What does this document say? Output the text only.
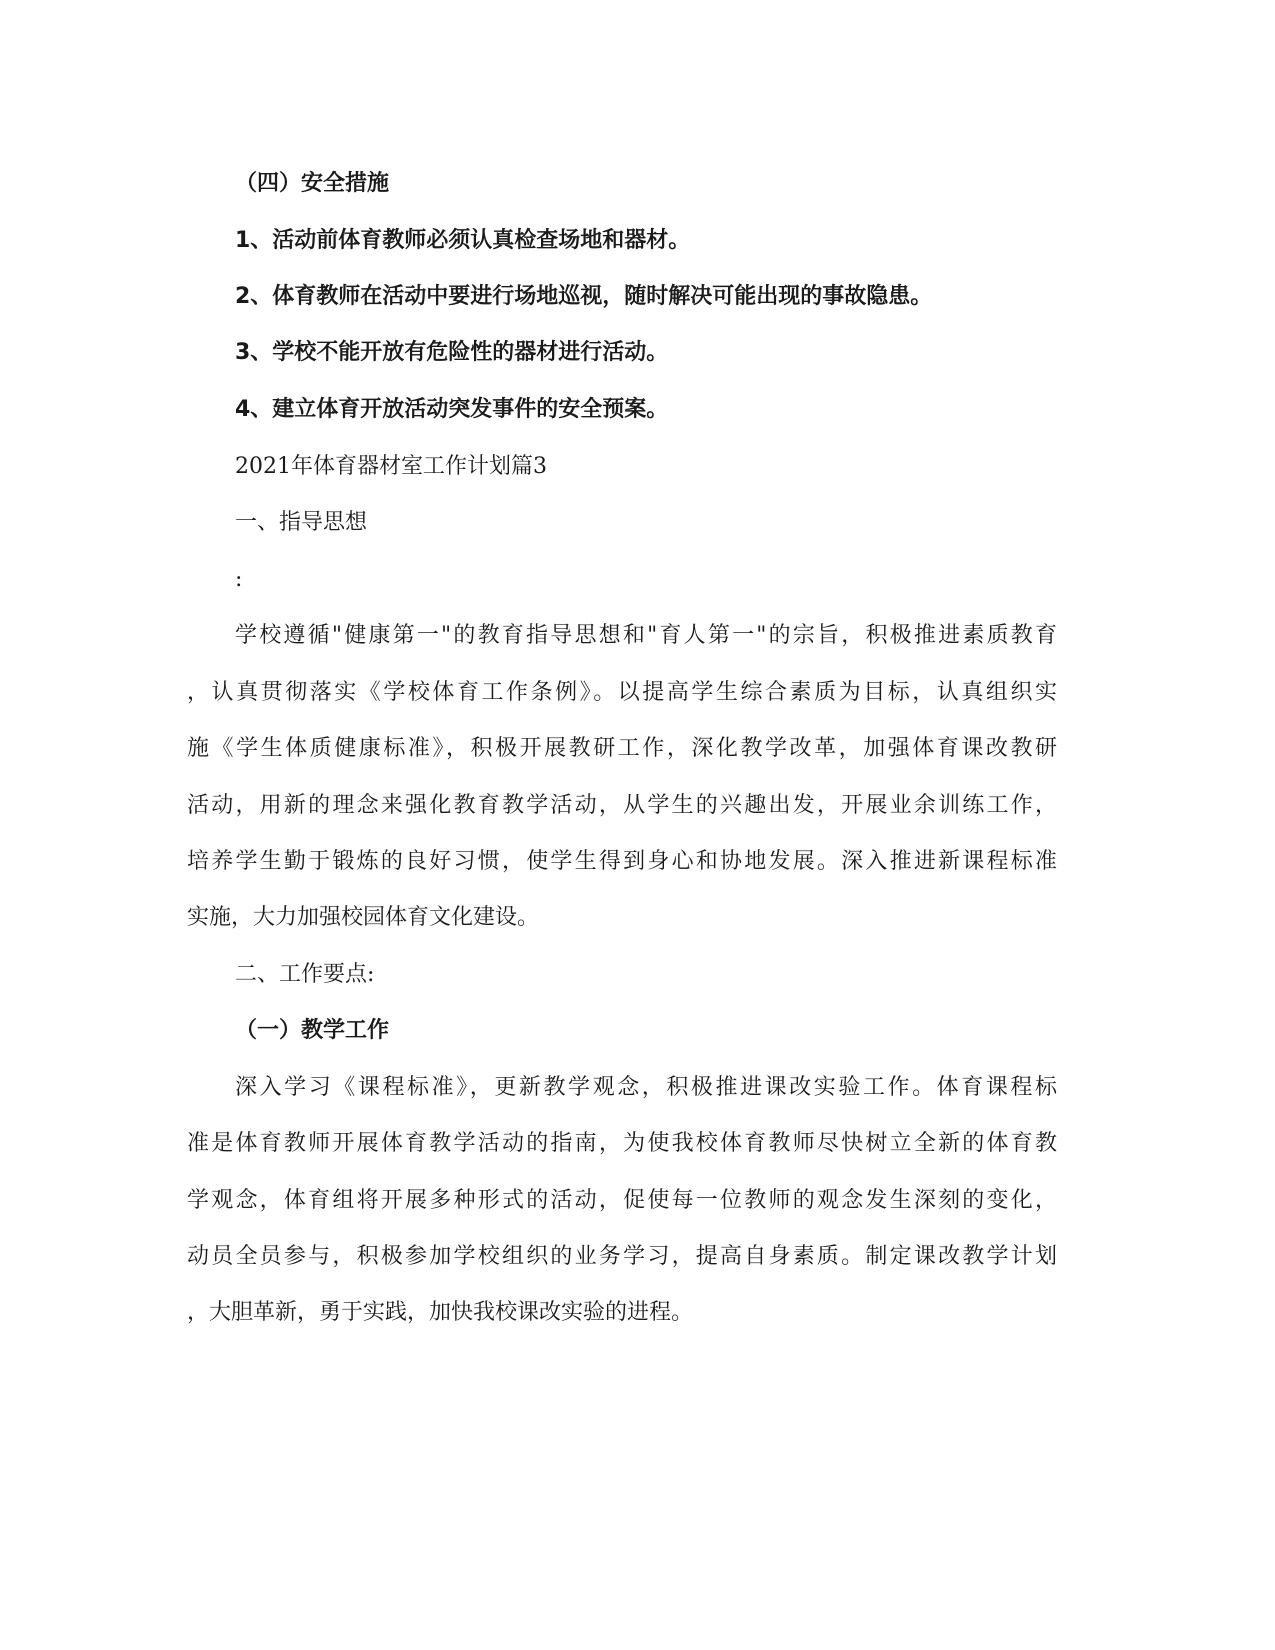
（四）安全措施
1、活动前体育教师必须认真检查场地和器材。
2、体育教师在活动中要进行场地巡视，随时解决可能出现的事故隐患。
3、学校不能开放有危险性的器材进行活动。
4、建立体育开放活动突发事件的安全预案。
2021年体育器材室工作计划篇3
一、指导思想
:
学校遵循"健康第一"的教育指导思想和"育人第一"的宗旨，积极推进素质教育
，认真贯彻落实《学校体育工作条例》。以提高学生综合素质为目标，认真组织实
施《学生体质健康标准》，积极开展教研工作，深化教学改革，加强体育课改教研
活动，用新的理念来强化教育教学活动，从学生的兴趣出发，开展业余训练工作，
培养学生勤于锻炼的良好习惯，使学生得到身心和协地发展。深入推进新课程标准
实施，大力加强校园体育文化建设。
二、工作要点:
（一）教学工作
深入学习《课程标准》，更新教学观念，积极推进课改实验工作。体育课程标
准是体育教师开展体育教学活动的指南，为使我校体育教师尽快树立全新的体育教
学观念，体育组将开展多种形式的活动，促使每一位教师的观念发生深刻的变化，
动员全员参与，积极参加学校组织的业务学习，提高自身素质。制定课改教学计划
，大胆革新，勇于实践，加快我校课改实验的进程。
